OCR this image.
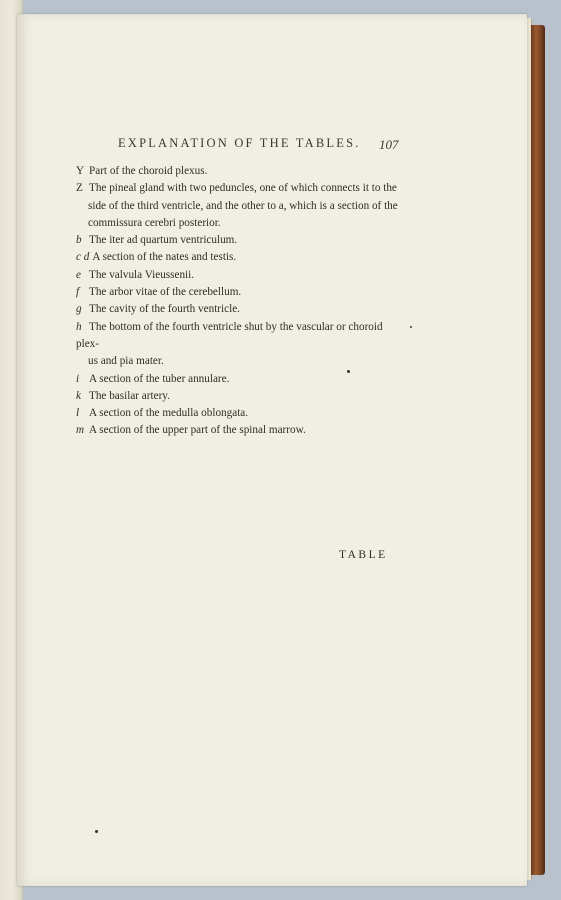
EXPLANATION OF THE TABLES. 107

Y Part of the choroid plexus.

Z The pineal gland with two peduncles, one of which connects it to the

side of the third ventricle, and the other to a, which is a section of the

commissura cerebri posterior.

b The iter ad quartum ventriculum.

c d A section of the nates and testis.

e The valvula Vieussenii.

f The arbor vitae of the cerebellum.

g The cavity of the fourth ventricle.

h The bottom of the fourth ventricle shut by the vascular or choroid plex-

us and pia mater.

i A section of the tuber annulare.

k The basilar artery.

l A section of the medulla oblongata.

m A section of the upper part of the spinal marrow.

TABLE
